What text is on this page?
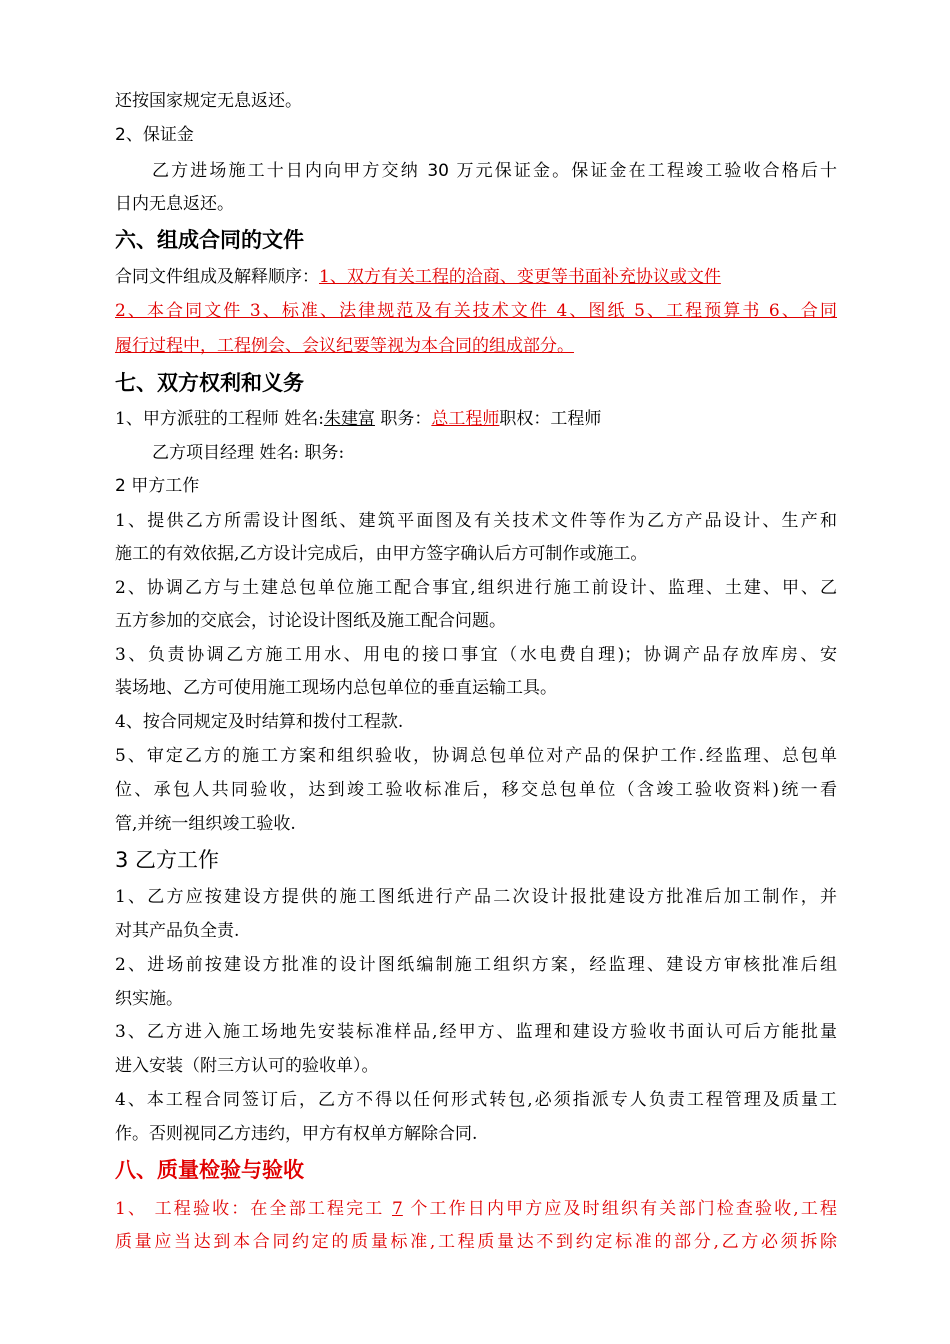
还按国家规定无息返还。
2、保证金
乙方进场施工十日内向甲方交纳 30 万元保证金。保证金在工程竣工验收合格后十
日内无息返还。
六、组成合同的文件
合同文件组成及解释顺序：1、双方有关工程的洽商、变更等书面补充协议或文件
2、本合同文件 3、标准、法律规范及有关技术文件 4、图纸 5、工程预算书 6、合同
履行过程中，工程例会、会议纪要等视为本合同的组成部分。
七、双方权利和义务
1、甲方派驻的工程师 姓名:朱建富 职务：总工程师职权：工程师
乙方项目经理 姓名: 职务:
2 甲方工作
1、提供乙方所需设计图纸、建筑平面图及有关技术文件等作为乙方产品设计、生产和
施工的有效依据,乙方设计完成后，由甲方签字确认后方可制作或施工。
2、协调乙方与土建总包单位施工配合事宜,组织进行施工前设计、监理、土建、甲、乙
五方参加的交底会，讨论设计图纸及施工配合问题。
3、负责协调乙方施工用水、用电的接口事宜（水电费自理)；协调产品存放库房、安
装场地、乙方可使用施工现场内总包单位的垂直运输工具。
4、按合同规定及时结算和拨付工程款.
5、审定乙方的施工方案和组织验收，协调总包单位对产品的保护工作.经监理、总包单
位、承包人共同验收，达到竣工验收标准后，移交总包单位（含竣工验收资料)统一看
管,并统一组织竣工验收.
3 乙方工作
1、乙方应按建设方提供的施工图纸进行产品二次设计报批建设方批准后加工制作，并
对其产品负全责.
2、进场前按建设方批准的设计图纸编制施工组织方案，经监理、建设方审核批准后组
织实施。
3、乙方进入施工场地先安装标准样品,经甲方、监理和建设方验收书面认可后方能批量
进入安装（附三方认可的验收单）。
4、本工程合同签订后，乙方不得以任何形式转包,必须指派专人负责工程管理及质量工
作。否则视同乙方违约，甲方有权单方解除合同.
八、质量检验与验收
1、 工程验收：在全部工程完工 7 个工作日内甲方应及时组织有关部门检查验收,工程
质量应当达到本合同约定的质量标准,工程质量达不到约定标准的部分,乙方必须拆除
